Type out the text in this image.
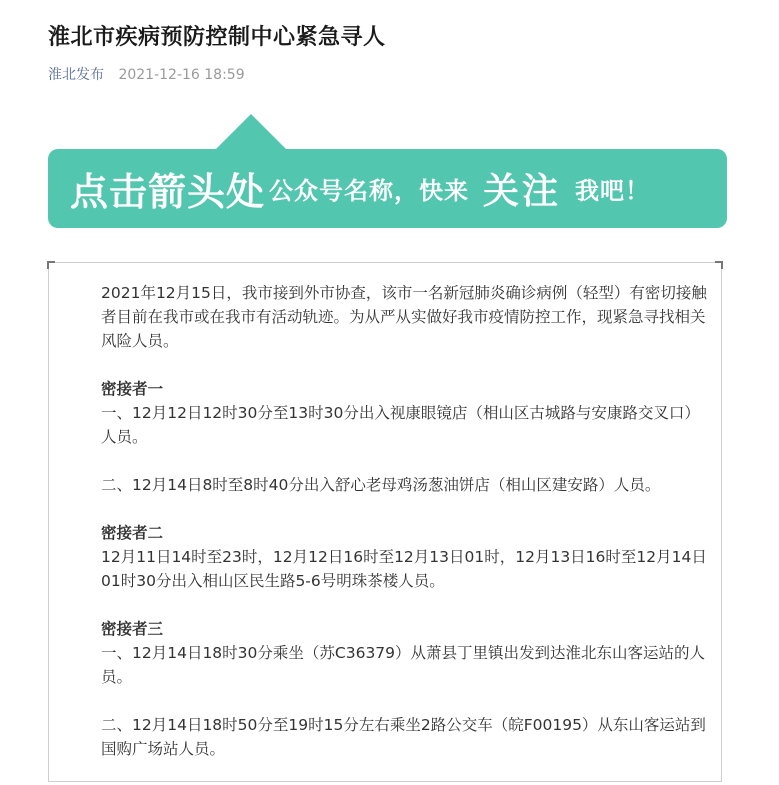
淮北市疾病预防控制中心紧急寻人
淮北发布 2021-12-16 18:59
点击箭头处 公众号名称，快来 关注 我吧！

2021年12月15日，我市接到外市协查，该市一名新冠肺炎确诊病例（轻型）有密切接触者目前在我市或在我市有活动轨迹。为从严从实做好我市疫情防控工作，现紧急寻找相关风险人员。

密接者一

一、12月12日12时30分至13时30分出入视康眼镜店（相山区古城路与安康路交叉口）人员。

二、12月14日8时至8时40分出入舒心老母鸡汤葱油饼店（相山区建安路）人员。

密接者二

12月11日14时至23时，12月12日16时至12月13日01时，12月13日16时至12月14日01时30分出入相山区民生路5-6号明珠茶楼人员。

密接者三

一、12月14日18时30分乘坐（苏C36379）从萧县丁里镇出发到达淮北东山客运站的人员。

二、12月14日18时50分至19时15分左右乘坐2路公交车（皖F00195）从东山客运站到国购广场站人员。
